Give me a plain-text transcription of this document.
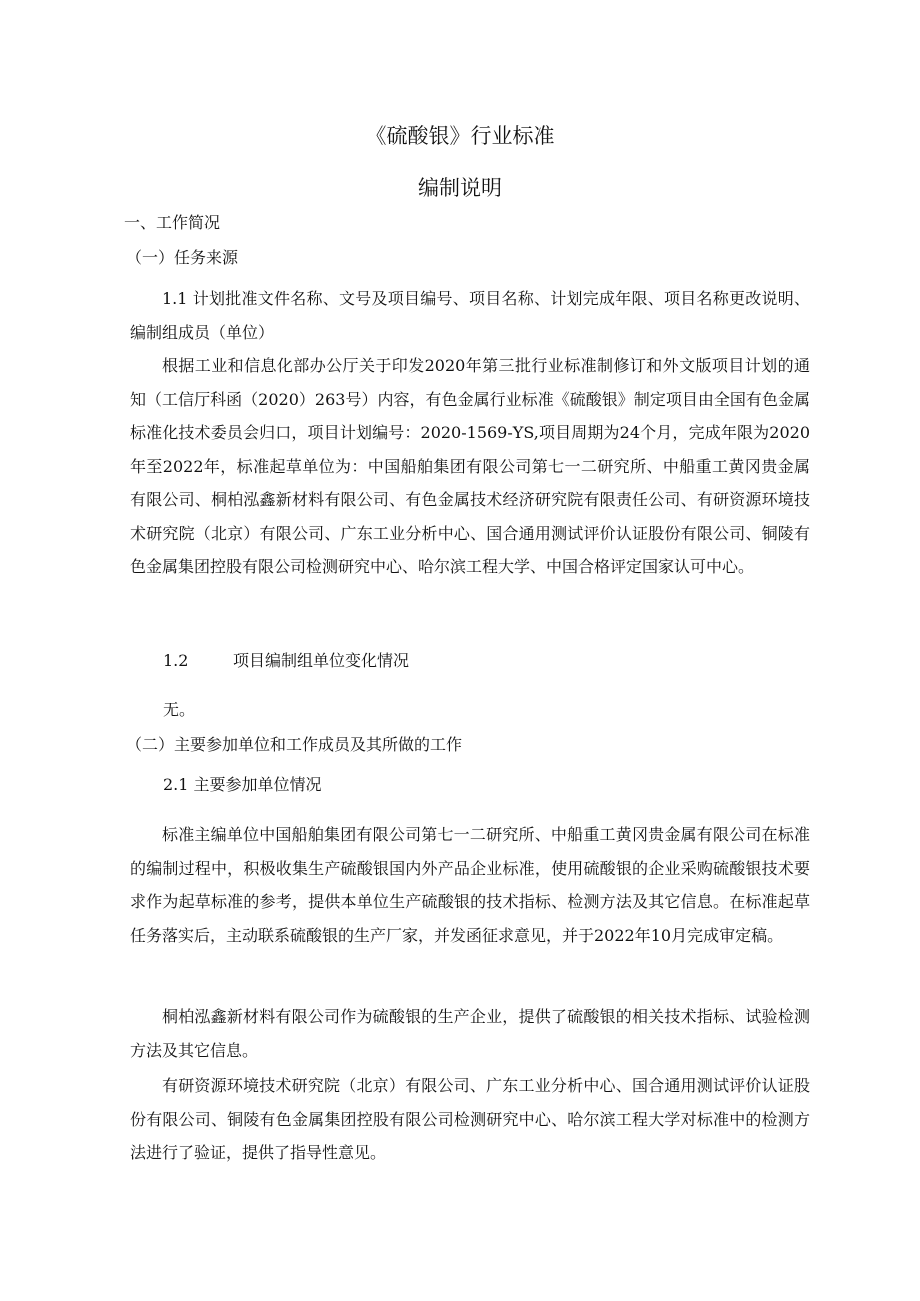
《硫酸银》行业标准
编制说明
一、工作简况
（一）任务来源
1.1 计划批准文件名称、文号及项目编号、项目名称、计划完成年限、项目名称更改说明、编制组成员（单位）
根据工业和信息化部办公厅关于印发2020年第三批行业标准制修订和外文版项目计划的通知（工信厅科函（2020）263号）内容，有色金属行业标准《硫酸银》制定项目由全国有色金属标准化技术委员会归口，项目计划编号：2020-1569-YS,项目周期为24个月，完成年限为2020年至2022年，标准起草单位为：中国船舶集团有限公司第七一二研究所、中船重工黄冈贵金属有限公司、桐柏泓鑫新材料有限公司、有色金属技术经济研究院有限责任公司、有研资源环境技术研究院（北京）有限公司、广东工业分析中心、国合通用测试评价认证股份有限公司、铜陵有色金属集团控股有限公司检测研究中心、哈尔滨工程大学、中国合格评定国家认可中心。
1.2	项目编制组单位变化情况
无。
（二）主要参加单位和工作成员及其所做的工作
2.1 主要参加单位情况
标准主编单位中国船舶集团有限公司第七一二研究所、中船重工黄冈贵金属有限公司在标准的编制过程中，积极收集生产硫酸银国内外产品企业标准，使用硫酸银的企业采购硫酸银技术要求作为起草标准的参考，提供本单位生产硫酸银的技术指标、检测方法及其它信息。在标准起草任务落实后，主动联系硫酸银的生产厂家，并发函征求意见，并于2022年10月完成审定稿。
桐柏泓鑫新材料有限公司作为硫酸银的生产企业，提供了硫酸银的相关技术指标、试验检测方法及其它信息。
有研资源环境技术研究院（北京）有限公司、广东工业分析中心、国合通用测试评价认证股份有限公司、铜陵有色金属集团控股有限公司检测研究中心、哈尔滨工程大学对标准中的检测方法进行了验证，提供了指导性意见。
